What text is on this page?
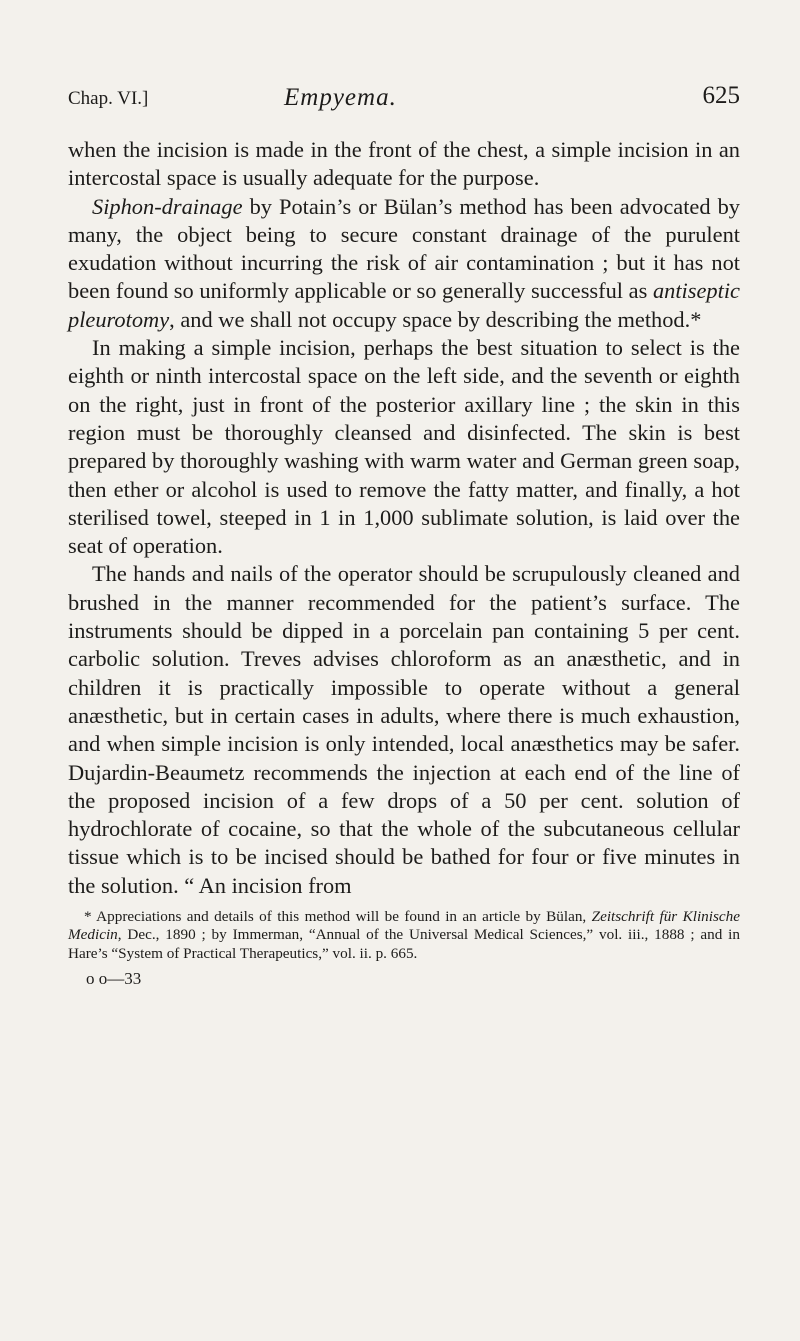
Chap. VI.]	Empyema.	625

when the incision is made in the front of the chest, a simple incision in an intercostal space is usually adequate for the purpose.

Siphon-drainage by Potain’s or Bülan’s method has been advocated by many, the object being to secure constant drainage of the purulent exudation without incurring the risk of air contamination ; but it has not been found so uniformly applicable or so generally successful as antiseptic pleurotomy, and we shall not occupy space by describing the method.*

In making a simple incision, perhaps the best situation to select is the eighth or ninth intercostal space on the left side, and the seventh or eighth on the right, just in front of the posterior axillary line ; the skin in this region must be thoroughly cleansed and disinfected. The skin is best prepared by thoroughly washing with warm water and German green soap, then ether or alcohol is used to remove the fatty matter, and finally, a hot sterilised towel, steeped in 1 in 1,000 sublimate solution, is laid over the seat of operation.

The hands and nails of the operator should be scrupulously cleaned and brushed in the manner recommended for the patient’s surface. The instruments should be dipped in a porcelain pan containing 5 per cent. carbolic solution. Treves advises chloroform as an anæsthetic, and in children it is practically impossible to operate without a general anæsthetic, but in certain cases in adults, where there is much exhaustion, and when simple incision is only intended, local anæsthetics may be safer. Dujardin-Beaumetz recommends the injection at each end of the line of the proposed incision of a few drops of a 50 per cent. solution of hydrochlorate of cocaine, so that the whole of the subcutaneous cellular tissue which is to be incised should be bathed for four or five minutes in the solution. “ An incision from

* Appreciations and details of this method will be found in an article by Bülan, Zeitschrift für Klinische Medicin, Dec., 1890 ; by Immerman, “Annual of the Universal Medical Sciences,” vol. iii., 1888 ; and in Hare’s “System of Practical Therapeutics,” vol. ii. p. 665.

o o—33
